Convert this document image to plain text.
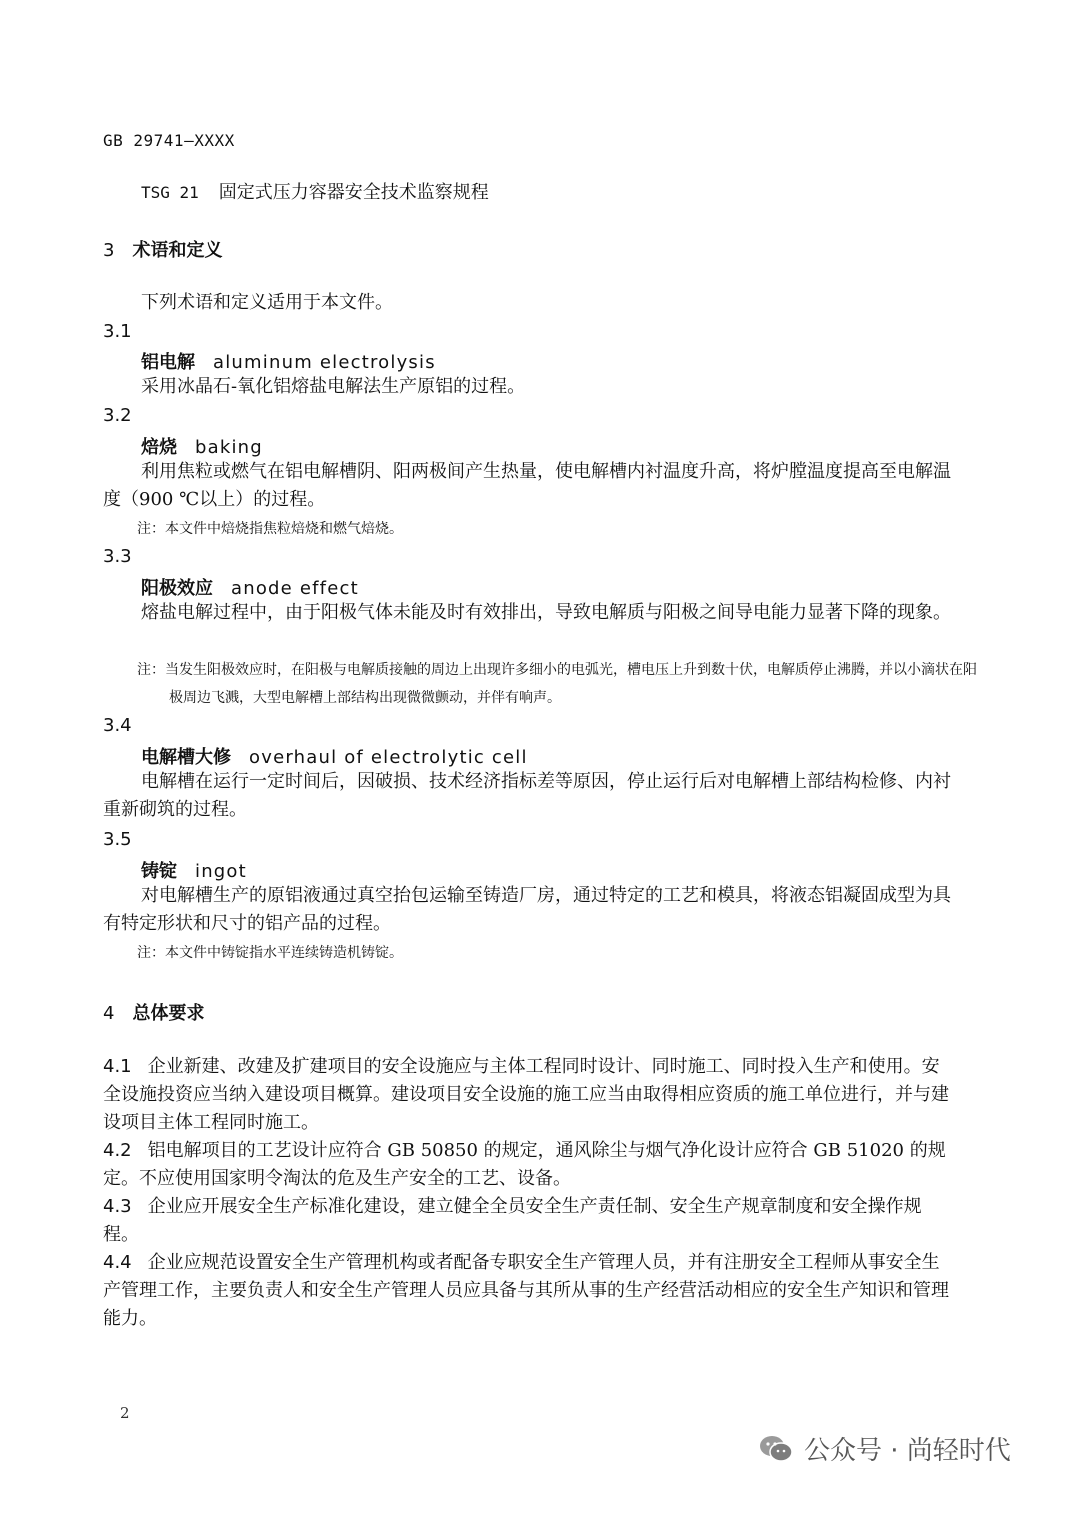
GB 29741—XXXX
TSG 21 固定式压力容器安全技术监察规程
3 术语和定义
下列术语和定义适用于本文件。
3.1
铝电解 aluminum electrolysis
采用冰晶石-氧化铝熔盐电解法生产原铝的过程。
3.2
焙烧 baking
利用焦粒或燃气在铝电解槽阴、阳两极间产生热量，使电解槽内衬温度升高，将炉膛温度提高至电解温度（900 ℃以上）的过程。
注：本文件中焙烧指焦粒焙烧和燃气焙烧。
3.3
阳极效应 anode effect
熔盐电解过程中，由于阳极气体未能及时有效排出，导致电解质与阳极之间导电能力显著下降的现象。
注：当发生阳极效应时，在阳极与电解质接触的周边上出现许多细小的电弧光，槽电压上升到数十伏，电解质停止沸腾，并以小滴状在阳极周边飞溅，大型电解槽上部结构出现微微颤动，并伴有响声。
3.4
电解槽大修 overhaul of electrolytic cell
电解槽在运行一定时间后，因破损、技术经济指标差等原因，停止运行后对电解槽上部结构检修、内衬重新砌筑的过程。
3.5
铸锭 ingot
对电解槽生产的原铝液通过真空抬包运输至铸造厂房，通过特定的工艺和模具，将液态铝凝固成型为具有特定形状和尺寸的铝产品的过程。
注：本文件中铸锭指水平连续铸造机铸锭。
4 总体要求
4.1 企业新建、改建及扩建项目的安全设施应与主体工程同时设计、同时施工、同时投入生产和使用。安全设施投资应当纳入建设项目概算。建设项目安全设施的施工应当由取得相应资质的施工单位进行，并与建设项目主体工程同时施工。
4.2 铝电解项目的工艺设计应符合 GB 50850 的规定，通风除尘与烟气净化设计应符合 GB 51020 的规定。不应使用国家明令淘汰的危及生产安全的工艺、设备。
4.3 企业应开展安全生产标准化建设，建立健全全员安全生产责任制、安全生产规章制度和安全操作规程。
4.4 企业应规范设置安全生产管理机构或者配备专职安全生产管理人员，并有注册安全工程师从事安全生产管理工作，主要负责人和安全生产管理人员应具备与其所从事的生产经营活动相应的安全生产知识和管理能力。
2
公众号 · 尚轻时代
